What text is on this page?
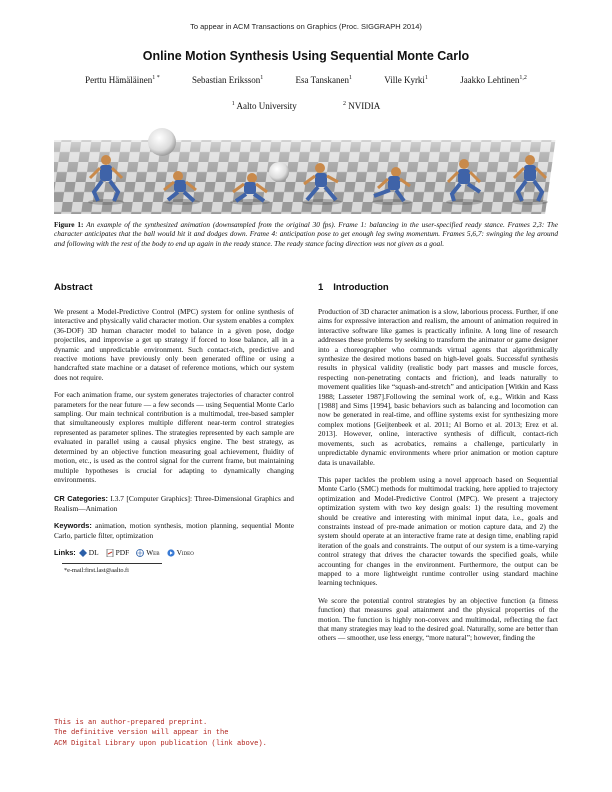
To appear in ACM Transactions on Graphics (Proc. SIGGRAPH 2014)
Online Motion Synthesis Using Sequential Monte Carlo
Perttu Hämäläinen$^{1 *}$	Sebastian Eriksson$^1$	Esa Tanskanen$^1$	Ville Kyrki$^1$	Jaakko Lehtinen$^{1,2}$
$^1$ Aalto University	$^2$ NVIDIA
Figure 1: An example of the synthesized animation (downsampled from the original 30 fps). Frame 1: balancing in the user-specified ready stance. Frames 2,3: The character anticipates that the ball would hit it and dodges down. Frame 4: anticipation pose to get enough leg swing momentum. Frames 5,6,7: swinging the leg around and following with the rest of the body to end up again in the ready stance. The ready stance facing direction was not given as a goal.
Abstract

We present a Model-Predictive Control (MPC) system for online synthesis of interactive and physically valid character motion. Our system enables a complex (36-DOF) 3D human character model to balance in a given pose, dodge projectiles, and improvise a get up strategy if forced to lose balance, all in a dynamic and unpredictable environment. Such contact-rich, predictive and reactive motions have previously only been generated offline or using a handcrafted state machine or a dataset of reference motions, which our system does not require.

For each animation frame, our system generates trajectories of character control parameters for the near future — a few seconds — using Sequential Monte Carlo sampling. Our main technical contribution is a multimodal, tree-based sampler that simultaneously explores multiple different near-term control strategies represented as parameter splines. The strategies represented by each sample are evaluated in parallel using a causal physics engine. The best strategy, as determined by an objective function measuring goal achievement, fluidity of motion, etc., is used as the control signal for the current frame, but maintaining multiple hypotheses is crucial for adapting to dynamically changing environments.

CR Categories: I.3.7 [Computer Graphics]: Three-Dimensional Graphics and Realism—Animation

Keywords: animation, motion synthesis, motion planning, sequential Monte Carlo, particle filter, optimization

Links: DL PDF Web Video
*e-mail:first.last@aalto.fi
1 Introduction

Production of 3D character animation is a slow, laborious process. Further, if one aims for expressive interaction and realism, the amount of animation required in interactive software like games is practically infinite. A long line of research addresses these problems by seeking to transform the animator or game designer into a choreographer who commands virtual agents that algorithmically synthesize the desired motions based on high-level goals. Successful synthesis results in physical validity (realistic body part masses and muscle forces, respecting non-penetrating contacts and friction), and leads naturally to movement qualities like “squash-and-stretch” and anticipation [Witkin and Kass 1988; Lasseter 1987].Following the seminal work of, e.g., Witkin and Kass [1988] and Sims [1994], basic behaviors such as balancing and locomotion can now be generated in real-time, and offline systems exist for synthesizing more complex motions [Geijtenbeek et al. 2011; Al Borno et al. 2013; Erez et al. 2013]. However, online, interactive synthesis of difficult, contact-rich movements, such as acrobatics, remains a challenge, particularly in unpredictable dynamic environments where prior animation or motion capture data is unavailable.

This paper tackles the problem using a novel approach based on Sequential Monte Carlo (SMC) methods for multimodal tracking, here applied to trajectory optimization and Model-Predictive Control (MPC). We present a trajectory optimization system with two key design goals: 1) the resulting movement should be creative and interesting with minimal input data, i.e., goals and constraints instead of pre-made animation or motion capture data, and 2) the system should operate at an interactive frame rate at design time, enabling rapid iteration of the goals and constraints. The output of our system is a time-varying control strategy that drives the character towards the specified goals, while accounting for changes in the environment. Furthermore, the output can be mapped to a more lightweight runtime controller using standard machine learning techniques.

We score the potential control strategies by an objective function (a fitness function) that measures goal attainment and the physical properties of the motion. The function is highly non-convex and multimodal, reflecting the fact that many strategies may lead to the desired goal. Naturally, some are better than others — smoother, use less energy, “more natural”; however, finding the

This is an author-prepared preprint.
The definitive version will appear in the
ACM Digital Library upon publication (link above).
